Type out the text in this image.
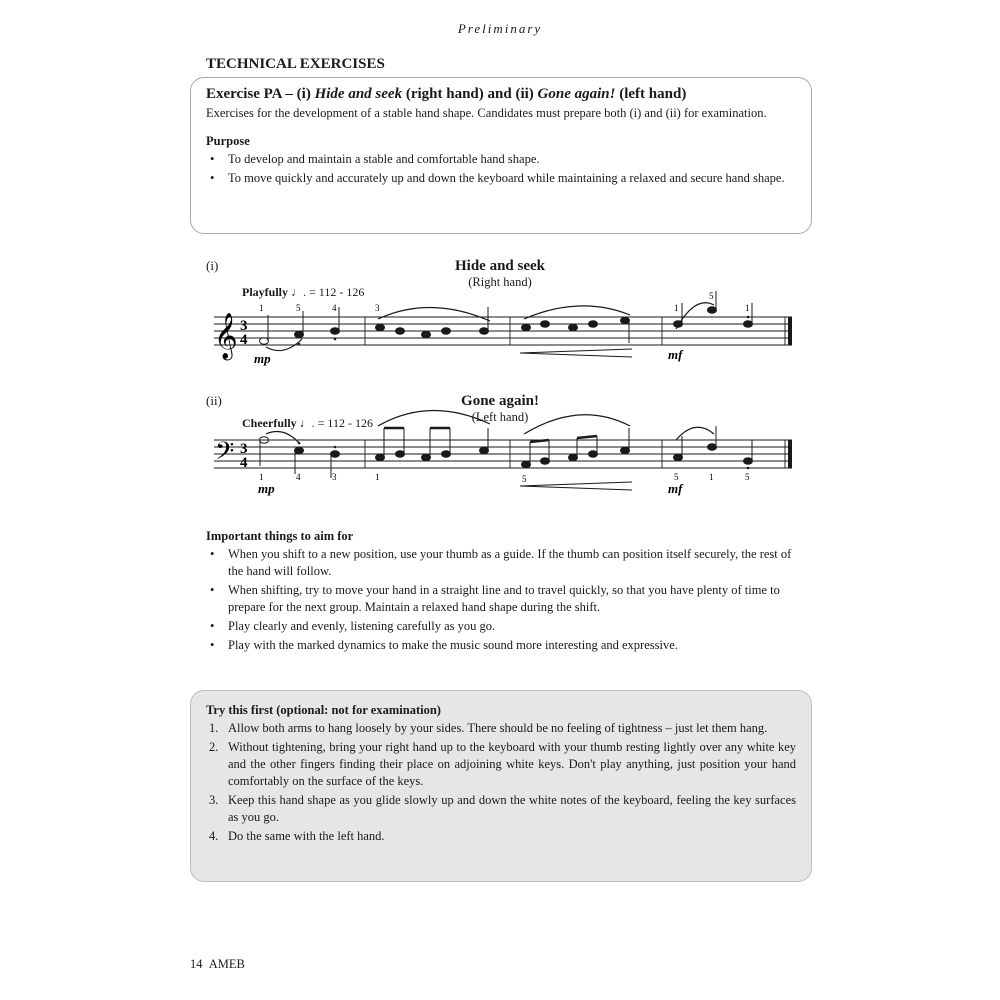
Preliminary
TECHNICAL EXERCISES
Exercise PA – (i) Hide and seek (right hand) and (ii) Gone again! (left hand)
Exercises for the development of a stable hand shape. Candidates must prepare both (i) and (ii) for examination.
Purpose
• To develop and maintain a stable and comfortable hand shape.
• To move quickly and accurately up and down the keyboard while maintaining a relaxed and secure hand shape.
(i)	Hide and seek
(Right hand)
Playfully ♩. = 112 - 126
𝄞 3
4
1	5	4	3	1
5
1
mp	mf
(ii)	Gone again!
(Left hand)
Cheerfully ♩. = 112 - 126
𝄢 3
4
1	4	3	1	5	5	1	5
mp	mf
Important things to aim for
• When you shift to a new position, use your thumb as a guide. If the thumb can position itself securely, the rest of the hand will follow.
• When shifting, try to move your hand in a straight line and to travel quickly, so that you have plenty of time to prepare for the next group. Maintain a relaxed hand shape during the shift.
• Play clearly and evenly, listening carefully as you go.
• Play with the marked dynamics to make the music sound more interesting and expressive.
Try this first (optional: not for examination)
1. Allow both arms to hang loosely by your sides. There should be no feeling of tightness – just let them hang.
2. Without tightening, bring your right hand up to the keyboard with your thumb resting lightly over any white key and the other fingers finding their place on adjoining white keys. Don't play anything, just position your hand comfortably on the surface of the keys.
3. Keep this hand shape as you glide slowly up and down the white notes of the keyboard, feeling the key surfaces as you go.
4. Do the same with the left hand.
14 AMEB
